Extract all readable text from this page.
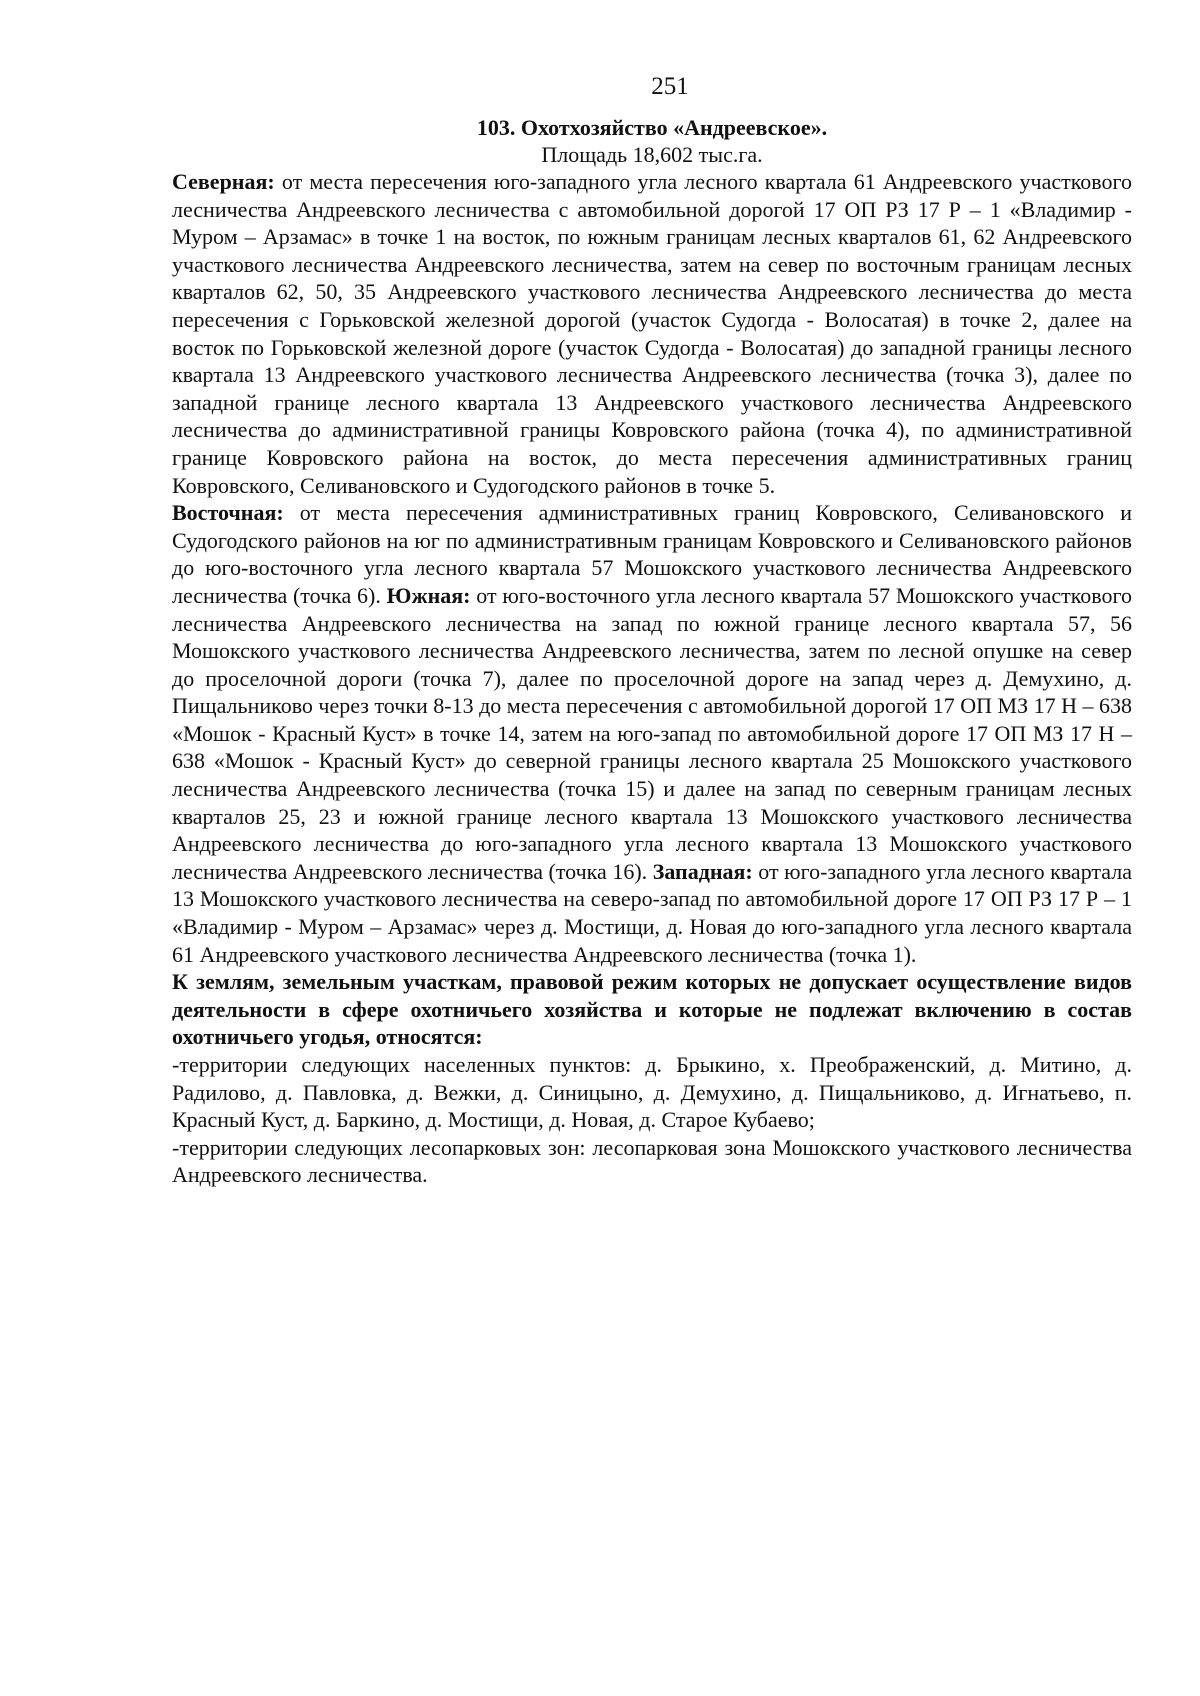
251

103. Охотхозяйство «Андреевское».

Площадь 18,602 тыс.га.

Северная: от места пересечения юго-западного угла лесного квартала 61 Андреевского участкового лесничества Андреевского лесничества с автомобильной дорогой 17 ОП РЗ 17 Р – 1 «Владимир - Муром – Арзамас» в точке 1 на восток, по южным границам лесных кварталов 61, 62 Андреевского участкового лесничества Андреевского лесничества, затем на север по восточным границам лесных кварталов 62, 50, 35 Андреевского участкового лесничества Андреевского лесничества до места пересечения с Горьковской железной дорогой (участок Судогда - Волосатая) в точке 2, далее на восток по Горьковской железной дороге (участок Судогда - Волосатая) до западной границы лесного квартала 13 Андреевского участкового лесничества Андреевского лесничества (точка 3), далее по западной границе лесного квартала 13 Андреевского участкового лесничества Андреевского лесничества до административной границы Ковровского района (точка 4), по административной границе Ковровского района на восток, до места пересечения административных границ Ковровского, Селивановского и Судогодского районов в точке 5.

Восточная: от места пересечения административных границ Ковровского, Селивановского и Судогодского районов на юг по административным границам Ковровского и Селивановского районов до юго-восточного угла лесного квартала 57 Мошокского участкового лесничества Андреевского лесничества (точка 6). Южная: от юго-восточного угла лесного квартала 57 Мошокского участкового лесничества Андреевского лесничества на запад по южной границе лесного квартала 57, 56 Мошокского участкового лесничества Андреевского лесничества, затем по лесной опушке на север до проселочной дороги (точка 7), далее по проселочной дороге на запад через д. Демухино, д. Пищальниково через точки 8-13 до места пересечения с автомобильной дорогой 17 ОП МЗ 17 Н – 638 «Мошок - Красный Куст» в точке 14, затем на юго-запад по автомобильной дороге 17 ОП МЗ 17 Н – 638 «Мошок - Красный Куст» до северной границы лесного квартала 25 Мошокского участкового лесничества Андреевского лесничества (точка 15) и далее на запад по северным границам лесных кварталов 25, 23 и южной границе лесного квартала 13 Мошокского участкового лесничества Андреевского лесничества до юго-западного угла лесного квартала 13 Мошокского участкового лесничества Андреевского лесничества (точка 16). Западная: от юго-западного угла лесного квартала 13 Мошокского участкового лесничества на северо-запад по автомобильной дороге 17 ОП РЗ 17 Р – 1 «Владимир - Муром – Арзамас» через д. Мостищи, д. Новая до юго-западного угла лесного квартала 61 Андреевского участкового лесничества Андреевского лесничества (точка 1).

К землям, земельным участкам, правовой режим которых не допускает осуществление видов деятельности в сфере охотничьего хозяйства и которые не подлежат включению в состав охотничьего угодья, относятся:

-территории следующих населенных пунктов: д. Брыкино, х. Преображенский, д. Митино, д. Радилово, д. Павловка, д. Вежки, д. Синицыно, д. Демухино, д. Пищальниково, д. Игнатьево, п. Красный Куст, д. Баркино, д. Мостищи, д. Новая, д. Старое Кубаево;

-территории следующих лесопарковых зон: лесопарковая зона Мошокского участкового лесничества Андреевского лесничества.
